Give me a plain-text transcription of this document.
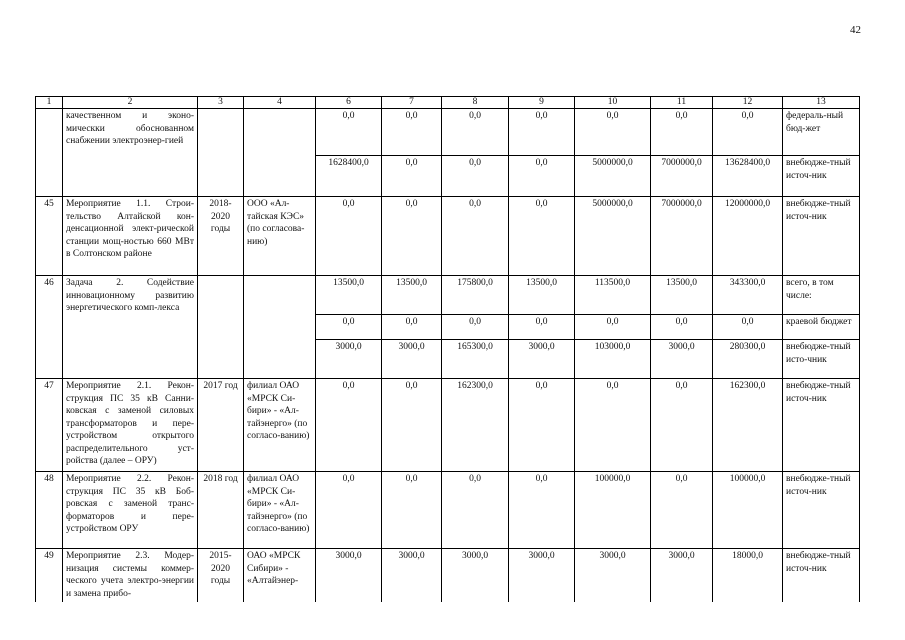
42
1	2	3	4	6	7	8	9	10	11	12	13
	качественном и эконо-мическки обоснованном снабжении электроэнер-гией			0,0	0,0	0,0	0,0	0,0	0,0	0,0	федераль-ный бюд-жет
				1628400,0	0,0	0,0	0,0	5000000,0	7000000,0	13628400,0	внебюдже-тный источ-ник
45	Мероприятие 1.1. Строи-тельство Алтайской кон-денсационной элект-рической станции мощ-ностью 660 МВт в Солтонском районе	2018-2020 годы	ООО «Ал-тайская КЭС» (по согласова-нию)	0,0	0,0	0,0	0,0	5000000,0	7000000,0	12000000,0	внебюдже-тный источ-ник
46	Задача 2. Содействие инновационному развитию энергетического комп-лекса			13500,0	13500,0	175800,0	13500,0	113500,0	13500,0	343300,0	всего, в том числе:
				0,0	0,0	0,0	0,0	0,0	0,0	0,0	краевой бюджет
				3000,0	3000,0	165300,0	3000,0	103000,0	3000,0	280300,0	внебюдже-тный исто-чник
47	Мероприятие 2.1. Рекон-струкция ПС 35 кВ Санни-ковская с заменой силовых трансформаторов и пере-устройством открытого распределительного уст-ройства (далее – ОРУ)	2017 год	филиал ОАО «МРСК Си-бири» - «Ал-тайэнерго» (по согласо-ванию)	0,0	0,0	162300,0	0,0	0,0	0,0	162300,0	внебюдже-тный источ-ник
48	Мероприятие 2.2. Рекон-струкция ПС 35 кВ Боб-ровская с заменой транс-форматоров и пере-устройством ОРУ	2018 год	филиал ОАО «МРСК Си-бири» - «Ал-тайэнерго» (по согласо-ванию)	0,0	0,0	0,0	0,0	100000,0	0,0	100000,0	внебюдже-тный источ-ник
49	Мероприятие 2.3. Модер-низация системы коммер-ческого учета электро-энергии и замена прибо-	2015-2020 годы	ОАО «МРСК Сибири» - «Алтайэнер-	3000,0	3000,0	3000,0	3000,0	3000,0	3000,0	18000,0	внебюдже-тный источ-ник
